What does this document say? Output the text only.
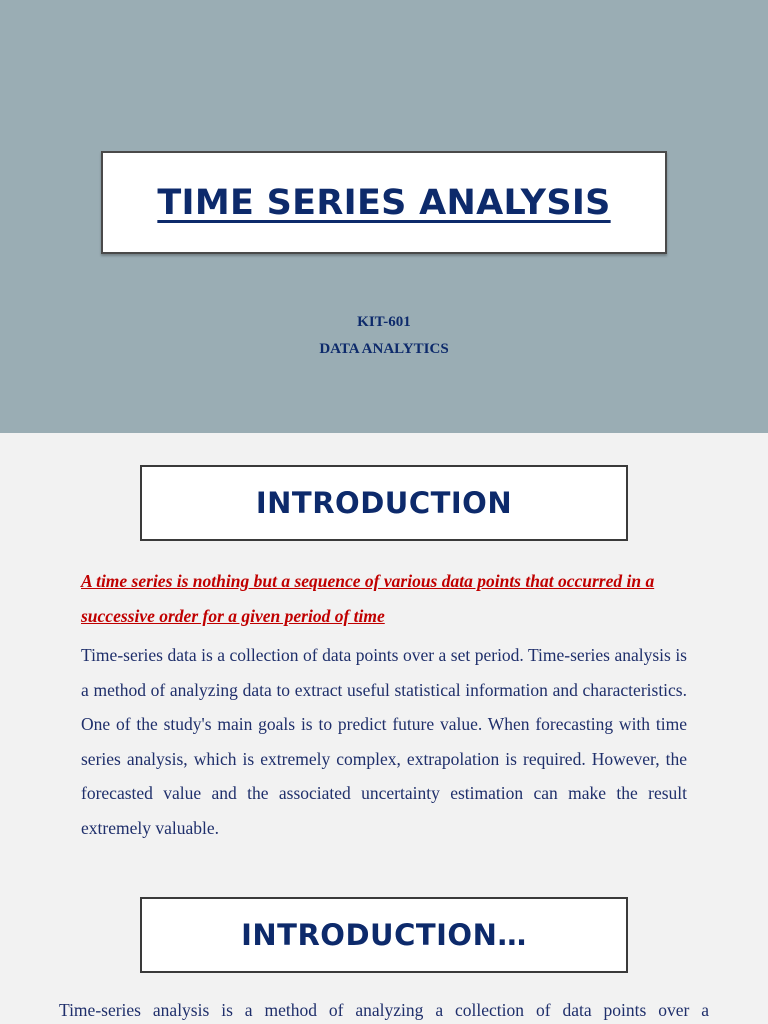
TIME SERIES ANALYSIS
KIT-601
DATA ANALYTICS
INTRODUCTION
A time series is nothing but a sequence of various data points that occurred in a successive order for a given period of time
Time-series data is a collection of data points over a set period. Time-series analysis is a method of analyzing data to extract useful statistical information and characteristics. One of the study's main goals is to predict future value. When forecasting with time series analysis, which is extremely complex, extrapolation is required. However, the forecasted value and the associated uncertainty estimation can make the result extremely valuable.
INTRODUCTION…
Time-series analysis is a method of analyzing a collection of data points over a
